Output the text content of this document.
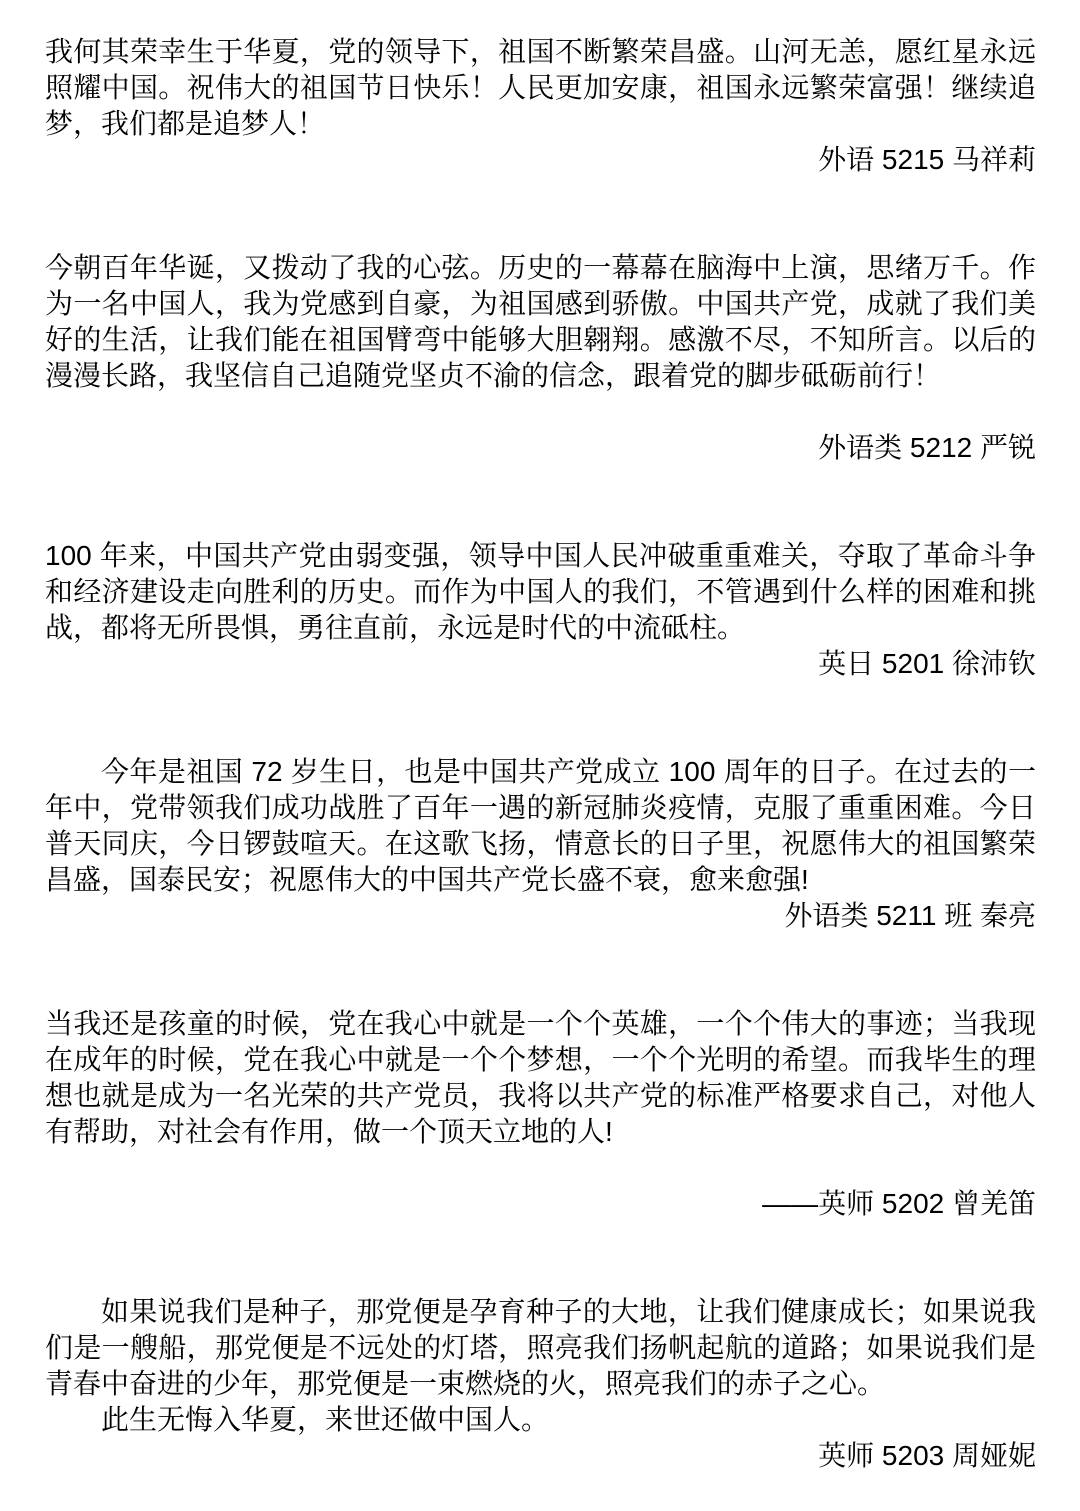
我何其荣幸生于华夏，党的领导下，祖国不断繁荣昌盛。山河无恙，愿红星永远照耀中国。祝伟大的祖国节日快乐！人民更加安康，祖国永远繁荣富强！继续追梦，我们都是追梦人！

外语 5215 马祥莉

今朝百年华诞，又拨动了我的心弦。历史的一幕幕在脑海中上演，思绪万千。作为一名中国人，我为党感到自豪，为祖国感到骄傲。中国共产党，成就了我们美好的生活，让我们能在祖国臂弯中能够大胆翱翔。感激不尽，不知所言。以后的漫漫长路，我坚信自己追随党坚贞不渝的信念，跟着党的脚步砥砺前行！

外语类 5212 严锐

100 年来，中国共产党由弱变强，领导中国人民冲破重重难关，夺取了革命斗争和经济建设走向胜利的历史。而作为中国人的我们，不管遇到什么样的困难和挑战，都将无所畏惧，勇往直前，永远是时代的中流砥柱。

英日 5201 徐沛钦

今年是祖国 72 岁生日，也是中国共产党成立 100 周年的日子。在过去的一年中，党带领我们成功战胜了百年一遇的新冠肺炎疫情，克服了重重困难。今日普天同庆，今日锣鼓喧天。在这歌飞扬，情意长的日子里，祝愿伟大的祖国繁荣昌盛，国泰民安；祝愿伟大的中国共产党长盛不衰，愈来愈强!

外语类 5211 班 秦亮

当我还是孩童的时候，党在我心中就是一个个英雄，一个个伟大的事迹；当我现在成年的时候，党在我心中就是一个个梦想，一个个光明的希望。而我毕生的理想也就是成为一名光荣的共产党员，我将以共产党的标准严格要求自己，对他人有帮助，对社会有作用，做一个顶天立地的人!

——英师 5202 曾羌笛

如果说我们是种子，那党便是孕育种子的大地，让我们健康成长；如果说我们是一艘船，那党便是不远处的灯塔，照亮我们扬帆起航的道路；如果说我们是青春中奋进的少年，那党便是一束燃烧的火，照亮我们的赤子之心。

此生无悔入华夏，来世还做中国人。

英师 5203 周娅妮
